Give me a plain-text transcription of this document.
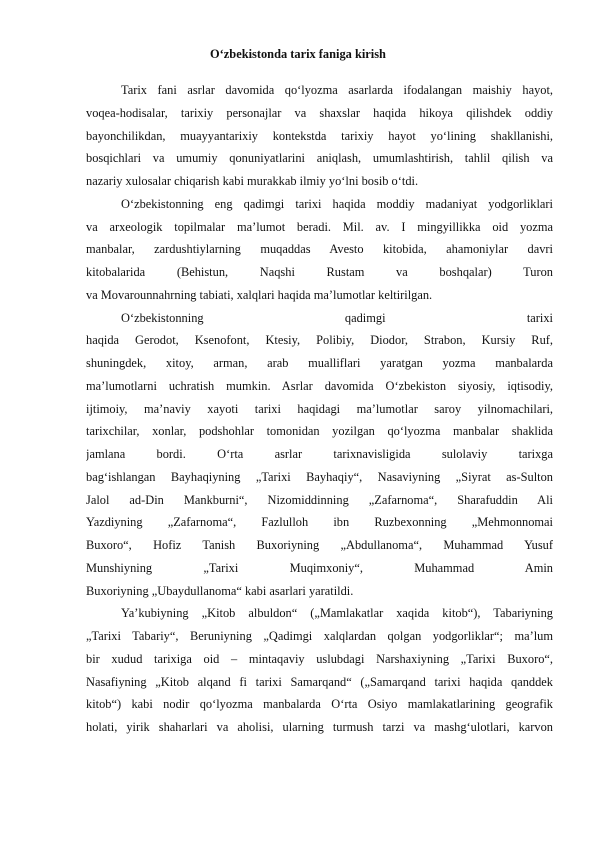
O‘zbekistonda tarix faniga kirish
Tarix fani asrlar davomida qo‘lyozma asarlarda ifodalangan maishiy hayot,
voqea-hodisalar, tarixiy personajlar va shaxslar haqida hikoya qilishdek oddiy
bayonchilikdan, muayyantarixiy kontekstda tarixiy hayot yo‘lining shakllanishi,
bosqichlari va umumiy qonuniyatlarini aniqlash, umumlashtirish, tahlil qilish va
nazariy xulosalar chiqarish kabi murakkab ilmiy yo‘lni bosib o‘tdi.
O‘zbekistonning eng qadimgi tarixi haqida moddiy madaniyat yodgorliklari
va arxeologik topilmalar ma’lumot beradi. Mil. av. I mingyillikka oid yozma
manbalar, zardushtiylarning muqaddas Avesto kitobida, ahamoniylar davri
kitobalarida (Behistun, Naqshi Rustam va boshqalar) Turon
va Movarounnahrning tabiati, xalqlari haqida ma’lumotlar keltirilgan.
O‘zbekistonning qadimgi tarixi
haqida Gerodot, Ksenofont, Ktesiy, Polibiy, Diodor, Strabon, Kursiy Ruf,
shuningdek, xitoy, arman, arab mualliflari yaratgan yozma manbalarda
ma’lumotlarni uchratish mumkin. Asrlar davomida O‘zbekiston siyosiy, iqtisodiy,
ijtimoiy, ma’naviy xayoti tarixi haqidagi ma’lumotlar saroy yilnomachilari,
tarixchilar, xonlar, podshohlar tomonidan yozilgan qo‘lyozma manbalar shaklida
jamlana bordi. O‘rta asrlar tarixnavisligida sulolaviy tarixga
bag‘ishlangan Bayhaqiyning „Tarixi Bayhaqiy“, Nasaviyning „Siyrat as-Sulton
Jalol ad-Din Mankburni“, Nizomiddinning „Zafarnoma“, Sharafuddin Ali
Yazdiyning „Zafarnoma“, Fazlulloh ibn Ruzbexonning „Mehmonnomai
Buxoro“, Hofiz Tanish Buxoriyning „Abdullanoma“, Muhammad Yusuf
Munshiyning „Tarixi Muqimxoniy“, Muhammad Amin
Buxoriyning „Ubaydullanoma“ kabi asarlari yaratildi.
Ya’kubiyning „Kitob albuldon“ („Mamlakatlar xaqida kitob“), Tabariyning
„Tarixi Tabariy“, Beruniyning „Qadimgi xalqlardan qolgan yodgorliklar“; ma’lum
bir xudud tarixiga oid – mintaqaviy uslubdagi Narshaxiyning „Tarixi Buxoro“,
Nasafiyning „Kitob alqand fi tarixi Samarqand“ („Samarqand tarixi haqida qanddek
kitob“) kabi nodir qo‘lyozma manbalarda O‘rta Osiyo mamlakatlarining geografik
holati, yirik shaharlari va aholisi, ularning turmush tarzi va mashg‘ulotlari, karvon
